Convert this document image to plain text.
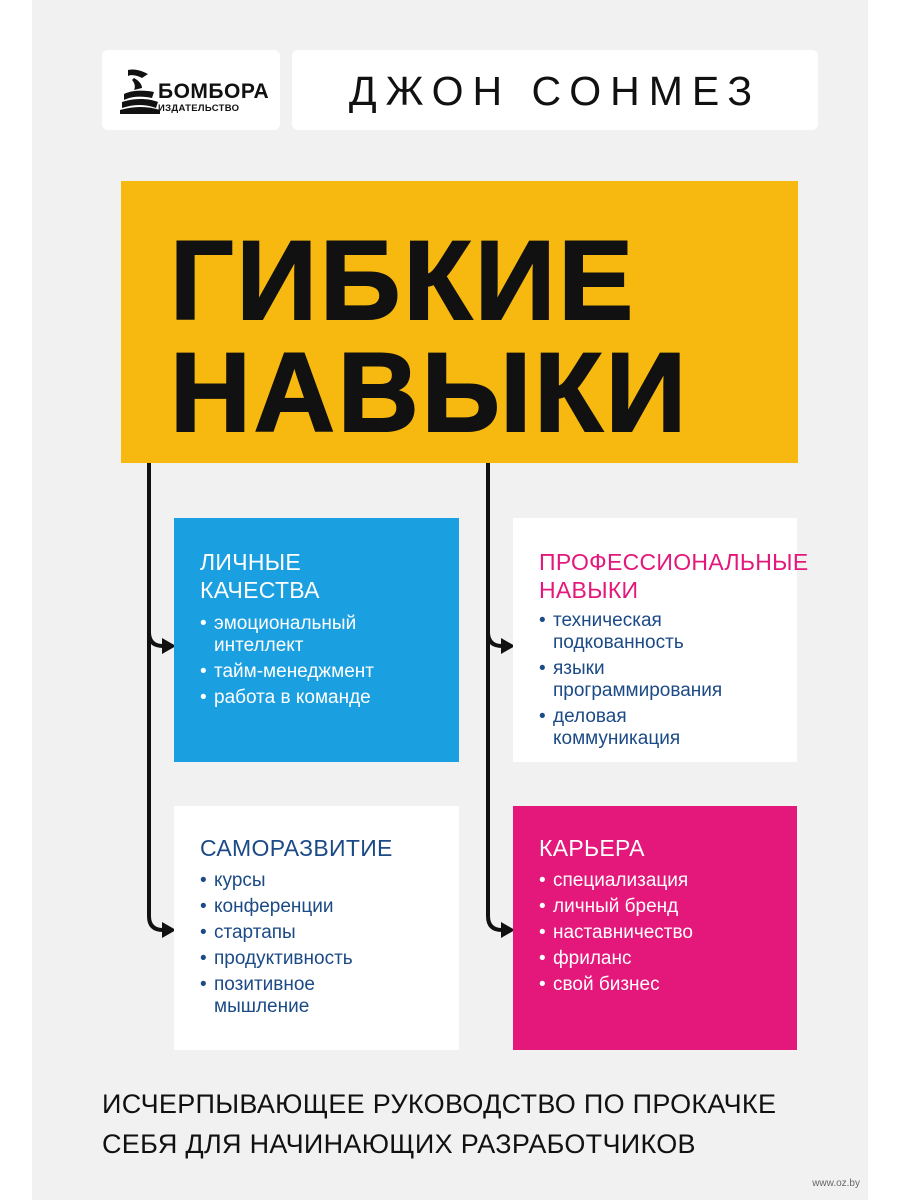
БОМБОРА
ИЗДАТЕЛЬСТВО	ДЖОН СОНМЕЗ
ГИБКИЕ
НАВЫКИ
ЛИЧНЫЕ
КАЧЕСТВА
• эмоциональный
интеллект
• тайм-менеджмент
• работа в команде
ПРОФЕССИОНАЛЬНЫЕ
НАВЫКИ
• техническая
подкованность
• языки
программирования
• деловая
коммуникация
САМОРАЗВИТИЕ
• курсы
• конференции
• стартапы
• продуктивность
• позитивное
мышление
КАРЬЕРА
• специализация
• личный бренд
• наставничество
• фриланс
• свой бизнес
ИСЧЕРПЫВАЮЩЕЕ РУКОВОДСТВО ПО ПРОКАЧКЕ
СЕБЯ ДЛЯ НАЧИНАЮЩИХ РАЗРАБОТЧИКОВ
www.oz.by
